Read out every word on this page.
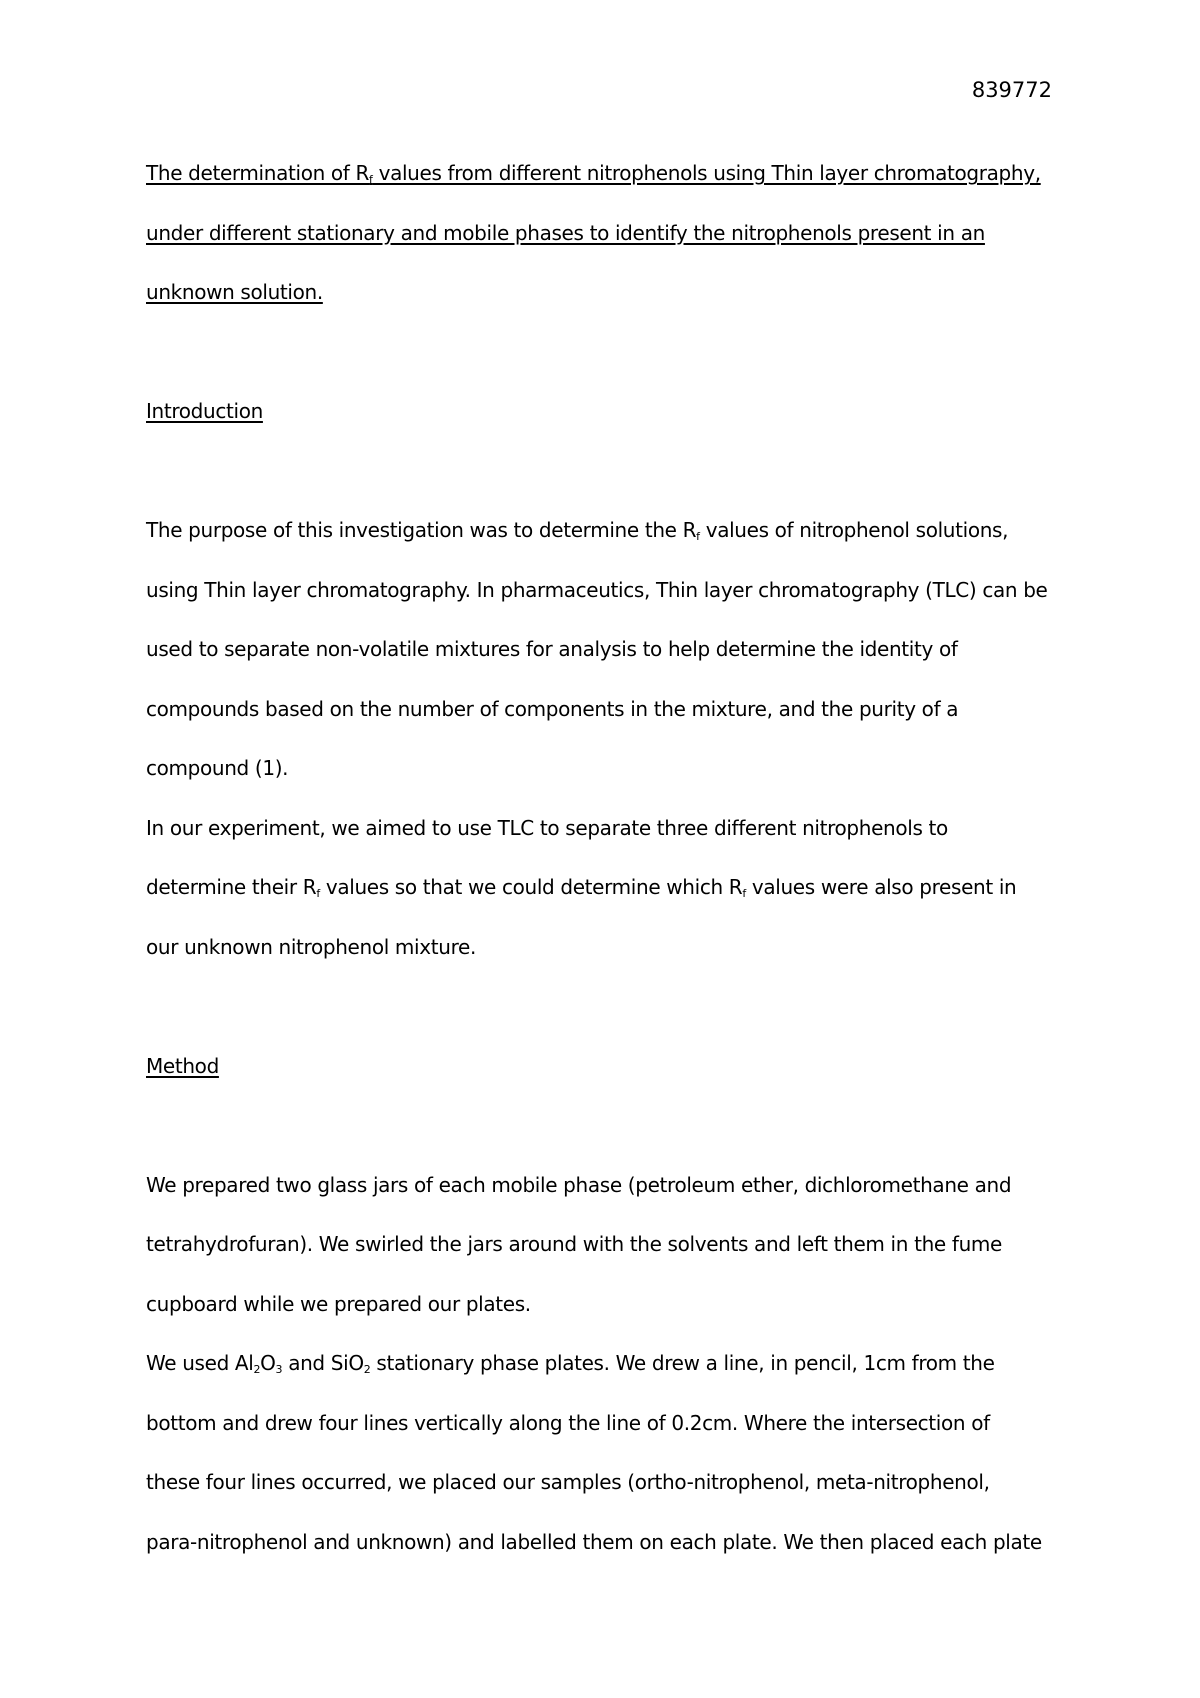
839772
The determination of $R_f$ values from different nitrophenols using Thin layer chromatography,
under different stationary and mobile phases to identify the nitrophenols present in an
unknown solution.
Introduction
The purpose of this investigation was to determine the $R_f$ values of nitrophenol solutions,
using Thin layer chromatography. In pharmaceutics, Thin layer chromatography (TLC) can be
used to separate non-volatile mixtures for analysis to help determine the identity of
compounds based on the number of components in the mixture, and the purity of a
compound (1).
In our experiment, we aimed to use TLC to separate three different nitrophenols to
determine their $R_f$ values so that we could determine which $R_f$ values were also present in
our unknown nitrophenol mixture.
Method
We prepared two glass jars of each mobile phase (petroleum ether, dichloromethane and
tetrahydrofuran). We swirled the jars around with the solvents and left them in the fume
cupboard while we prepared our plates.
We used $Al_2O_3$ and SiO$_2$ stationary phase plates. We drew a line, in pencil, 1cm from the
bottom and drew four lines vertically along the line of 0.2cm. Where the intersection of
these four lines occurred, we placed our samples (ortho-nitrophenol, meta-nitrophenol,
para-nitrophenol and unknown) and labelled them on each plate. We then placed each plate
